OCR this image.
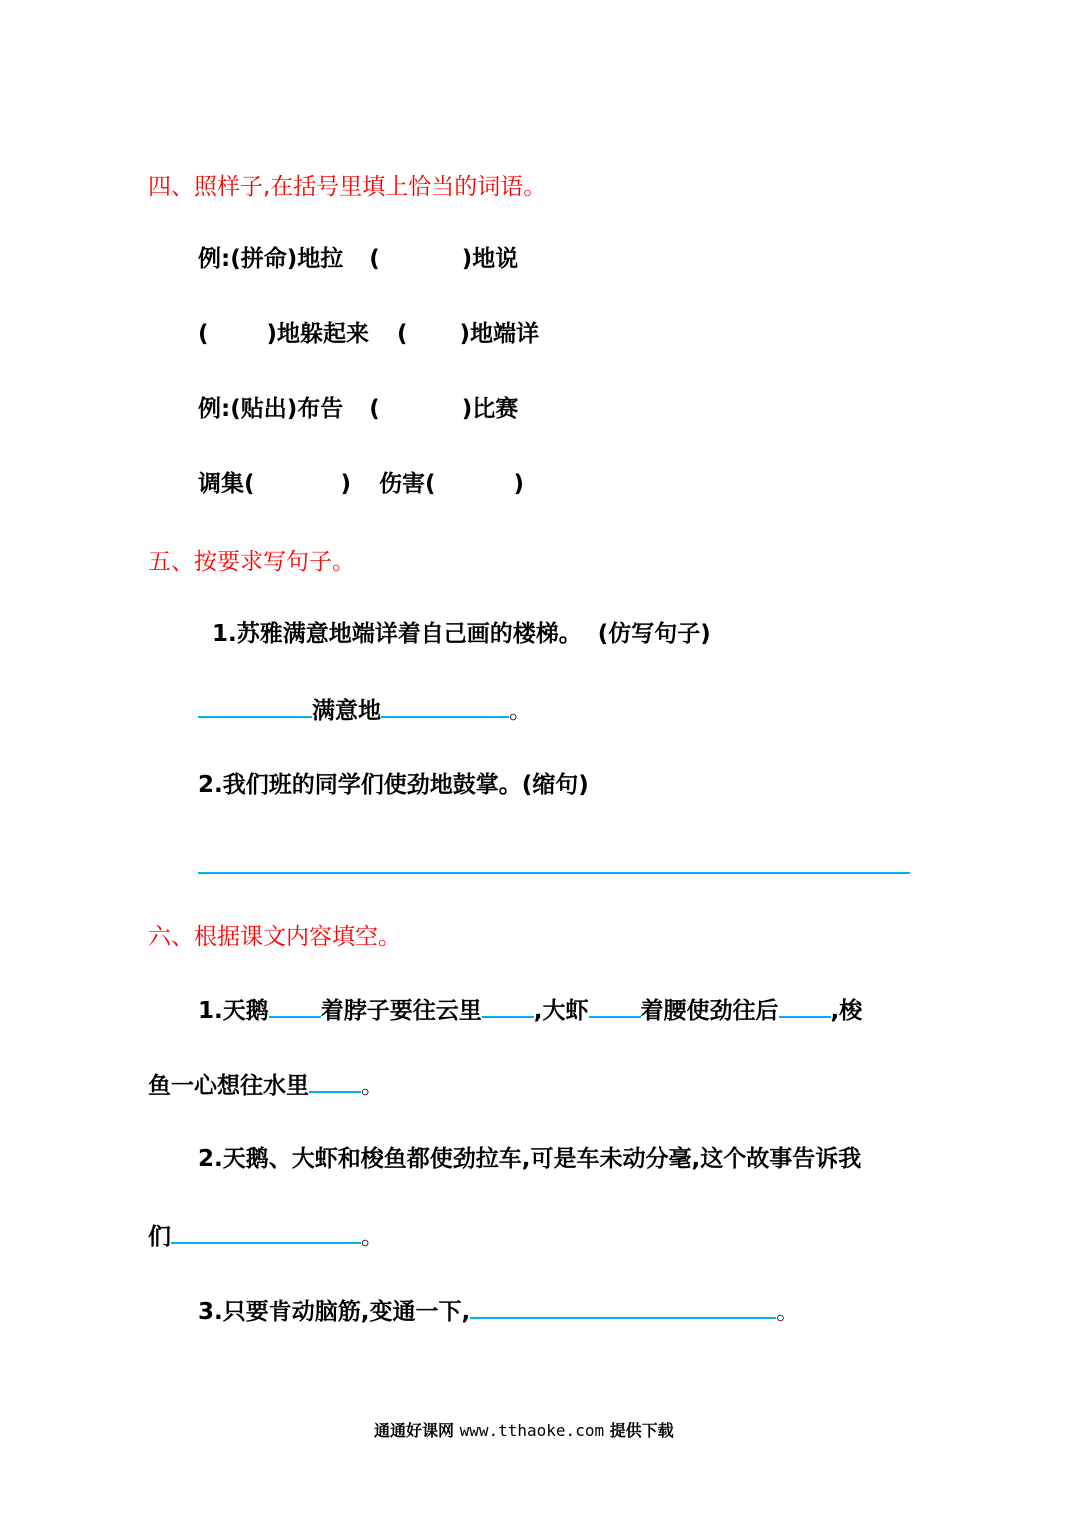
四、照样子,在括号里填上恰当的词语。
例:(拼命)地拉 (	)地说
(	)地躲起来 ( )地端详
例:(贴出)布告 (	)比赛
调集(	) 伤害(	)
五、按要求写句子。
1.苏雅满意地端详着自己画的楼梯。 (仿写句子)
满意地	。
2.我们班的同学们使劲地鼓掌。(缩句)
六、根据课文内容填空。
1.天鹅 着脖子要往云里 ,大虾 着腰使劲往后 ,梭
鱼一心想往水里 。
2.天鹅、大虾和梭鱼都使劲拉车,可是车未动分毫,这个故事告诉我
们	。
3.只要肯动脑筋,变通一下,	。
通通好课网 www.tthaoke.com 提供下载
